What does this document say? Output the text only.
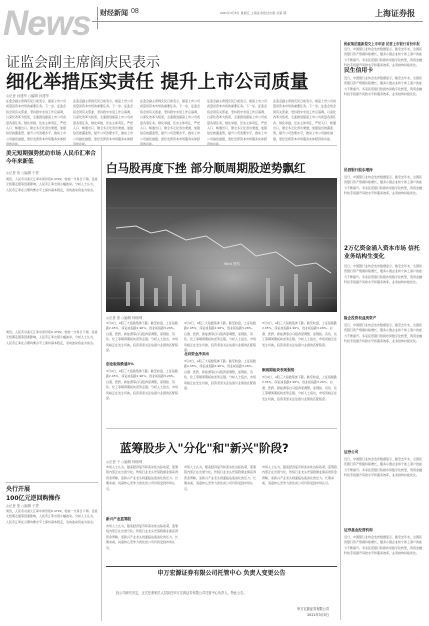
News 财经新闻 08	2021年3月5日 星期五 上海证券报社出版 总第 期	上海证券报
证监会副主席阎庆民表示
细化举措压实责任 提升上市公司质量
◎记者 孙建华 ○编辑 孙建华
证监会副主席阎庆民日前表示，提高上市公司质量是资本市场的重要任务。下一步，证监会将会同有关部委，坚持稳中求进工作总基调，以深化改革为统领，全面推进提高上市公司质量各项任务，细化举措，压实主体责任，严把入口、畅通出口，健全多元化退出渠道，加强信息披露监管，提升公司治理水平，推动上市公司做优做强，更好发挥资本市场服务实体经
证监会副主席阎庆民日前表示，提高上市公司质量是资本市场的重要任务。下一步，证监会将会同有关部委，坚持稳中求进工作总基调，以深化改革为统领，全面推进提高上市公司质量各项任务，细化举措，压实主体责任，严把入口、畅通出口，健全多元化退出渠道，加强信息披露监管，提升公司治理水平，推动上市公司做优做强，更好发挥资本市场服务实体经
证监会副主席阎庆民日前表示，提高上市公司质量是资本市场的重要任务。下一步，证监会将会同有关部委，坚持稳中求进工作总基调，以深化改革为统领，全面推进提高上市公司质量各项任务，细化举措，压实主体责任，严把入口、畅通出口，健全多元化退出渠道，加强信息披露监管，提升公司治理水平，推动上市公司做优做强，更好发挥资本市场服务实体经
证监会副主席阎庆民日前表示，提高上市公司质量是资本市场的重要任务。下一步，证监会将会同有关部委，坚持稳中求进工作总基调，以深化改革为统领，全面推进提高上市公司质量各项任务，细化举措，压实主体责任，严把入口、畅通出口，健全多元化退出渠道，加强信息披露监管，提升公司治理水平，推动上市公司做优做强，更好发挥资本市场服务实体经
证监会副主席阎庆民日前表示，提高上市公司质量是资本市场的重要任务。下一步，证监会将会同有关部委，坚持稳中求进工作总基调，以深化改革为统领，全面推进提高上市公司质量各项任务，细化举措，压实主体责任，严把入口、畅通出口，健全多元化退出渠道，加强信息披露监管，提升公司治理水平，推动上市公司做优做强，更好发挥资本市场服务实体经济的功能。
蚂蚁集团重新提交上市申请 民营上市银行首份年报
近日，中国银行业协会发布数据显示，截至去年末，全国民营银行资产规模持续增长，服务小微企业和个体工商户的能力不断提升。多家民营银行积极布局数字化转型，利用金融科技手段提升风控水平和服务效率，业务结构持续优化。
民生信用卡
近日，中国银行业协会发布数据显示，截至去年末，全国民营银行资产规模持续增长，服务小微企业和个体工商户的能力不断提升。多家民营银行积极布局数字化转型，利用金融科技手段提升风控水平和服务效率，业务结构持续优化。
民营银行股东增持
近日，中国银行业协会发布数据显示，截至去年末，全国民营银行资产规模持续增长，服务小微企业和个体工商户的能力不断提升。多家民营银行积极布局数字化转型，利用金融科技手段提升风控水平和服务效率，业务结构持续优化。
2万亿资金涌入资本市场 信托业务结构生变化
近日，中国银行业协会发布数据显示，截至去年末，全国民营银行资产规模持续增长，服务小微企业和个体工商户的能力不断提升。多家民营银行积极布局数字化转型，利用金融科技手段提升风控水平和服务效率，业务结构持续优化。
险企投资权益类资产
近日，中国银行业协会发布数据显示，截至去年末，全国民营银行资产规模持续增长，服务小微企业和个体工商户的能力不断提升。多家民营银行积极布局数字化转型，利用金融科技手段提升风控水平和服务效率，业务结构持续优化。
证券公司
近日，中国银行业协会发布数据显示，截至去年末，全国民营银行资产规模持续增长，服务小微企业和个体工商户的能力不断提升。多家民营银行积极布局数字化转型，利用金融科技手段提升风控水平和服务效率，业务结构持续优化。
证券基金经营机构
近日，中国银行业协会发布数据显示，截至去年末，全国民营银行资产规模持续增长，服务小微企业和个体工商户的能力不断提升。多家民营银行积极布局数字化转型，利用金融科技手段提升风控水平和服务效率，业务结构持续优化。
美元短期强势扰动市场 人民币汇率合今年来新低
◎记者 张 ○编辑 于蒙
周四，人民币对美元汇率中间价报6.4799，较前一交易日下调。受美元短期走强等因素影响，人民币汇率出现小幅波动。分析人士认为，人民币汇率在合理均衡水平上保持基本稳定，双向波动将成为常态。
周四，人民币对美元汇率中间价报6.4799，较前一交易日下调。受美元短期走强等因素影响，人民币汇率出现小幅波动。分析人士认为，人民币汇率在合理均衡水平上保持基本稳定，双向波动将成为常态。
央行开展
100亿元逆回购操作
◎记者 张 ○编辑 于蒙
周四，人民币对美元汇率中间价报6.4799，较前一交易日下调。受美元短期走强等因素影响，人民币汇率出现小幅波动。分析人士认为，人民币汇率在合理均衡水平上保持基本稳定，双向波动将成为常态。
白马股再度下挫 部分顺周期股逆势飘红
Wind 资料
◎记者 张 ○编辑 杨晓坤
3月4日，A股三大指数集体下跌。截至收盘，上证指数跌2.05%，深证成指跌2.96%，创业板指跌3.26%。白酒、医药、新能源等白马股再度调整，而钢铁、有色、化工等顺周期板块逆势走强。分析人士指出，市场风格正在发生切换，投资者需关注估值与业绩的匹配程度。
创业板指跌逾3%
3月4日，A股三大指数集体下跌。截至收盘，上证指数跌2.05%，深证成指跌2.96%，创业板指跌3.26%。白酒、医药、新能源等白马股再度调整，而钢铁、有色、化工等顺周期板块逆势走强。分析人士指出，市场风格正在发生切换，投资者需关注估值与业绩的匹配程度。
3月4日，A股三大指数集体下跌。截至收盘，上证指数跌2.05%，深证成指跌2.96%，创业板指跌3.26%。白酒、医药、新能源等白马股再度调整，而钢铁、有色、化工等顺周期板块逆势走强。分析人士指出，市场风格正在发生切换，投资者需关注估值与业绩的匹配程度。
北向资金净卖出
3月4日，A股三大指数集体下跌。截至收盘，上证指数跌2.05%，深证成指跌2.96%，创业板指跌3.26%。白酒、医药、新能源等白马股再度调整，而钢铁、有色、化工等顺周期板块逆势走强。分析人士指出，市场风格正在发生切换，投资者需关注估值与业绩的匹配程度。
3月4日，A股三大指数集体下跌。截至收盘，上证指数跌2.05%，深证成指跌2.96%，创业板指跌3.26%。白酒、医药、新能源等白马股再度调整，而钢铁、有色、化工等顺周期板块逆势走强。分析人士指出，市场风格正在发生切换，投资者需关注估值与业绩的匹配程度。
顺周期板块表现强势
3月4日，A股三大指数集体下跌。截至收盘，上证指数跌2.05%，深证成指跌2.96%，创业板指跌3.26%。白酒、医药、新能源等白马股再度调整，而钢铁、有色、化工等顺周期板块逆势走强。分析人士指出，市场风格正在发生切换，投资者需关注估值与业绩的匹配程度。
蓝筹股步入"分化"和"新兴"阶段?
◎记者 于 ○编辑 杨晓坤
市场人士认为，随着经济复苏和流动性边际收紧，蓝筹股内部正在出现分化。传统行业龙头凭借稳健业绩获得资金青睐，而新兴产业龙头则面临估值消化的压力。长期来看，具备核心竞争力的优质公司仍将受到市场认可。
新兴产业蓝筹股
市场人士认为，随着经济复苏和流动性边际收紧，蓝筹股内部正在出现分化。传统行业龙头凭借稳健业绩获得资金青睐，而新兴产业龙头则面临估值消化的压力。长期来看，具备核心竞争力的优质公司仍将受到市场认可。
市场人士认为，随着经济复苏和流动性边际收紧，蓝筹股内部正在出现分化。传统行业龙头凭借稳健业绩获得资金青睐，而新兴产业龙头则面临估值消化的压力。长期来看，具备核心竞争力的优质公司仍将受到市场认可。
市场人士认为，随着经济复苏和流动性边际收紧，蓝筹股内部正在出现分化。传统行业龙头凭借稳健业绩获得资金青睐，而新兴产业龙头则面临估值消化的压力。长期来看，具备核心竞争力的优质公司仍将受到市场认可。
申万宏源证券有限公司托管中心 负责人变更公告
经公司研究决定，正式任命相关人员担任申万宏源证券有限公司托管中心负责人，特此公告。
申万宏源证券有限公司
2021年3月5日
